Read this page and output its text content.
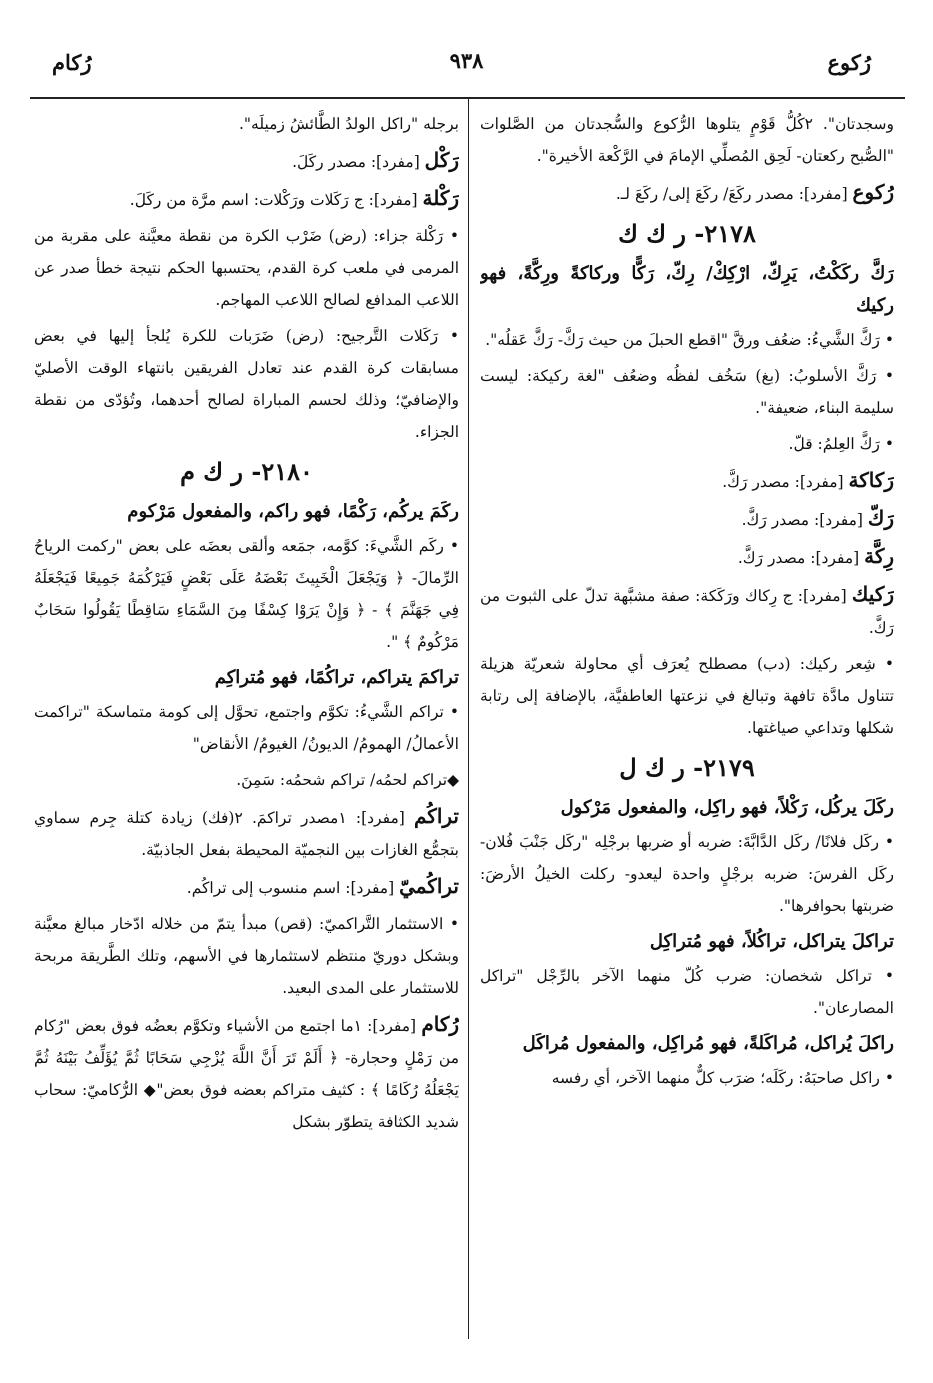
رُكوع
٩٣٨
رُكام

وسجدتان". ٢كُلُّ قَوْمٍ يتلوها الرُّكوع والسُّجدتان من الصَّلوات "الصُّبح ركعتان- لَحِق المُصلِّي الإمامَ في الرَّكْعة الأخيرة".

رُكوع [مفرد]: مصدر ركَعَ/ ركَعَ إلى/ ركَعَ لـ.

٢١٧٨- ر ك ك
رَكَّ ركَكْتُ، يَرِكّ، ارْكِكْ/ رِكّ، رَكًّا وركاكةً ورِكَّةً، فهو ركيك

• رَكَّ الشَّيءُ: ضعُف ورقَّ "اقطع الحبلَ من حيث رَكَّ- رَكَّ عَقلُه".

• رَكَّ الأسلوبُ: (بغ) سَخُف لفظُه وضعُف "لغة ركيكة: ليست سليمة البناء، ضعيفة".

• رَكَّ العِلمُ: قلّ.

رَكاكة [مفرد]: مصدر رَكَّ.

رَكّ [مفرد]: مصدر رَكَّ.

رِكَّة [مفرد]: مصدر رَكَّ.

رَكيك [مفرد]: ج رِكاك ورَكَكة: صفة مشبَّهة تدلّ على الثبوت من رَكَّ.

• شِعر ركيك: (دب) مصطلح يُعرَف أي محاولة شعريّة هزيلة تتناول مادَّة تافهة وتبالغ في نزعتها العاطفيَّة، بالإضافة إلى رتابة شكلها وتداعي صياغتها.

٢١٧٩- ر ك ل
ركَلَ يركُل، رَكْلاً، فهو راكِل، والمفعول مَرْكول

• ركَل فلانًا/ ركَل الدَّابَّةَ: ضربه أو ضربها برجْلِه "ركَل جَنْبَ فُلان- ركَل الفرسَ: ضربه برجْلٍ واحدة ليعدو- ركلت الخيلُ الأرضَ: ضربتها بحوافرها".

تراكلَ يتراكل، تراكُلاً، فهو مُتراكِل

• تراكل شخصان: ضرب كُلّ منهما الآخر بالرِّجْل "تراكل المصارعان".

راكلَ يُراكل، مُراكَلةً، فهو مُراكِل، والمفعول مُراكَل

• راكل صاحبَهُ: ركَلَه؛ ضرَب كلٌّ منهما الآخر، أي رفسه

برجله "راكل الولدُ الطَّائشُ زميلَه".

رَكْل [مفرد]: مصدر ركَلَ.

رَكْلة [مفرد]: ج رَكَلات ورَكْلات: اسم مرَّة من ركَلَ.

• رَكْلة جزاء: (رض) ضَرْب الكرة من نقطة معيَّنة على مقربة من المرمى في ملعب كرة القدم، يحتسبها الحكم نتيجة خطأ صدر عن اللاعب المدافع لصالح اللاعب المهاجم.

• رَكَلات التَّرجيح: (رض) ضَرَبات للكرة يُلجأ إليها في بعض مسابقات كرة القدم عند تعادل الفريقين بانتهاء الوقت الأصليّ والإضافيّ؛ وذلك لحسم المباراة لصالح أحدهما، وتُؤدّى من نقطة الجزاء.

٢١٨٠- ر ك م
ركَمَ يركُم، رَكْمًا، فهو راكم، والمفعول مَرْكوم

• ركَم الشَّيءَ: كوَّمه، جمَعه وألقى بعضَه على بعض "ركمت الرياحُ الرِّمالَ- ﴿ وَيَجْعَلَ الْخَبِيثَ بَعْضَهُ عَلَى بَعْضٍ فَيَرْكُمَهُ جَمِيعًا فَيَجْعَلَهُ فِي جَهَنَّمَ ﴾ - ﴿ وَإِنْ يَرَوْا كِسْفًا مِنَ السَّمَاءِ سَاقِطًا يَقُولُوا سَحَابٌ مَرْكُومٌ ﴾ ".

تراكمَ يتراكم، تراكُمًا، فهو مُتراكِم

• تراكم الشَّيءُ: تكوَّم واجتمع، تحوَّل إلى كومة متماسكة "تراكمت الأعمالُ/ الهمومُ/ الديونُ/ الغيومُ/ الأنقاض"

◆تراكم لحمُه/ تراكم شحمُه: سَمِنَ.

تراكُم [مفرد]: ١مصدر تراكمَ. ٢(فك) زيادة كتلة جِرم سماوي بتجمُّع الغازات بين النجميّة المحيطة بفعل الجاذبيّة.

تراكُميّ [مفرد]: اسم منسوب إلى تراكُم.

• الاستثمار التَّراكميّ: (قص) مبدأ يتمّ من خلاله ادّخار مبالغ معيَّنة وبشكل دوريّ منتظم لاستثمارها في الأسهم، وتلك الطَّريقة مربحة للاستثمار على المدى البعيد.

رُكام [مفرد]: ١ما اجتمع من الأشياء وتكوَّم بعضُه فوق بعض "رُكام من رَمْلٍ وحجارة- ﴿ أَلَمْ تَرَ أَنَّ اللَّهَ يُزْجِي سَحَابًا ثُمَّ يُؤَلِّفُ بَيْنَهُ ثُمَّ يَجْعَلُهُ رُكَامًا ﴾ : كثيف متراكم بعضه فوق بعض"◆ الرُّكاميّ: سحاب شديد الكثافة يتطوّر بشكل
